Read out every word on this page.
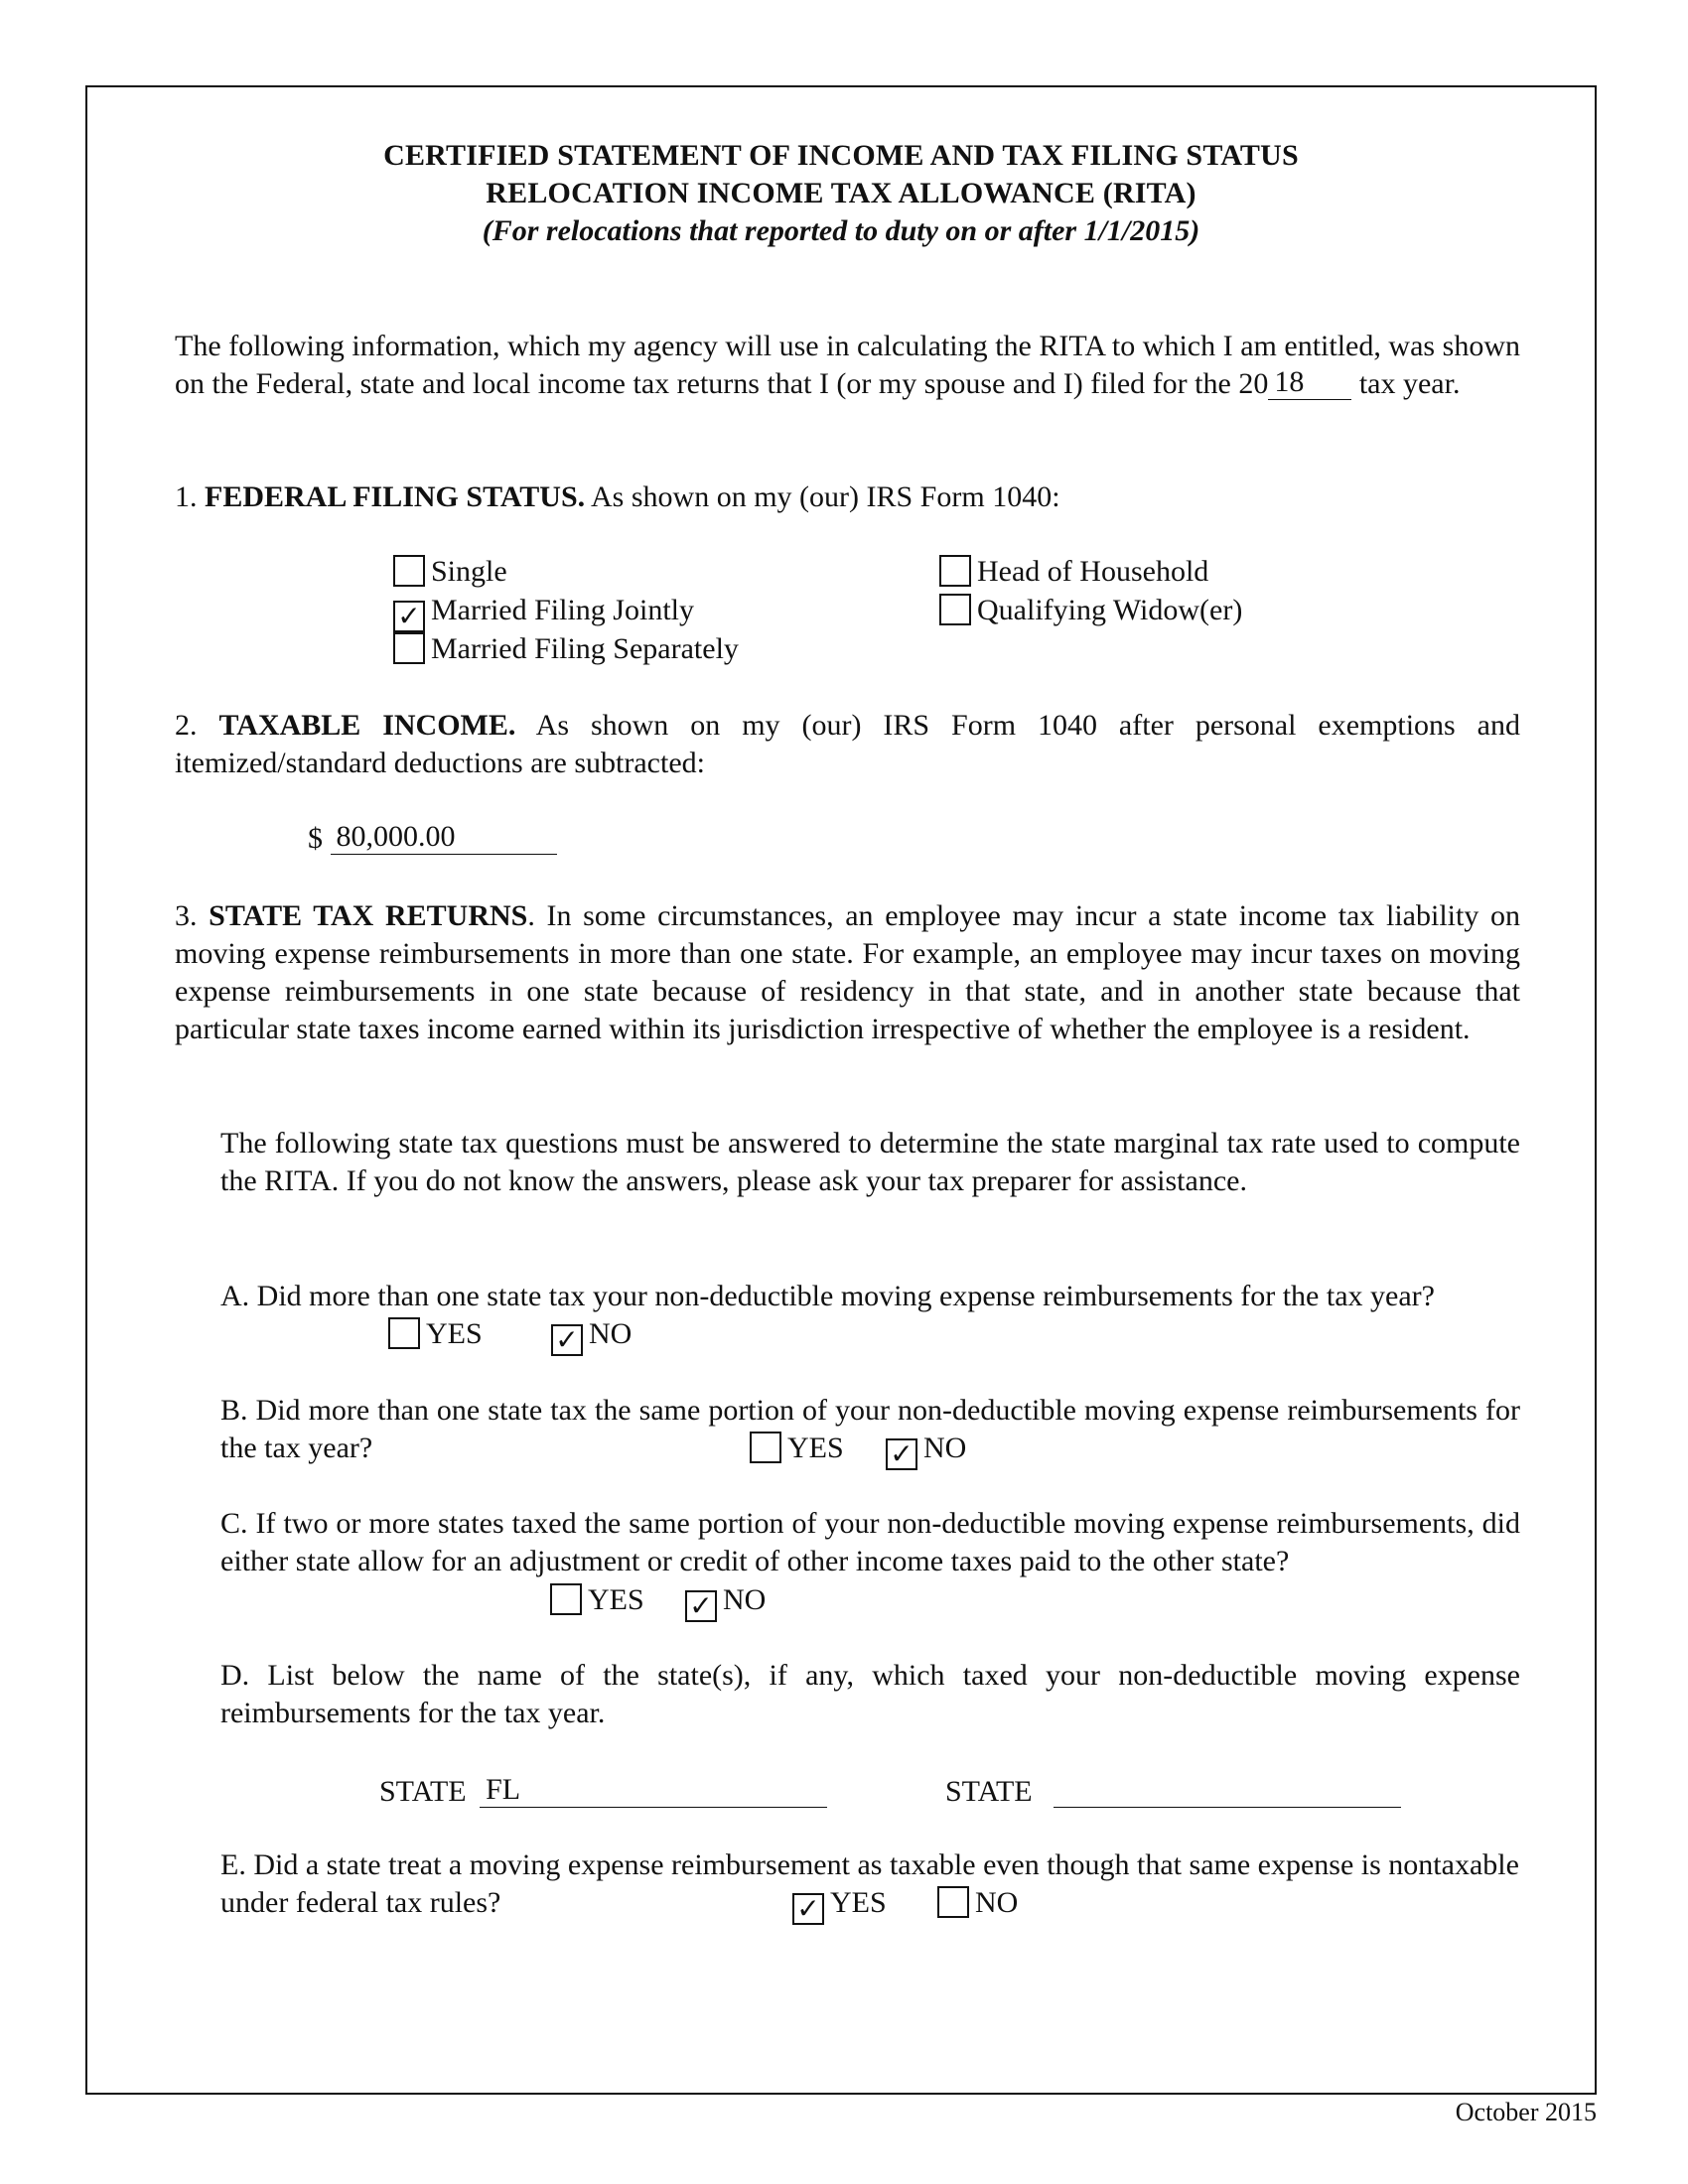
CERTIFIED STATEMENT OF INCOME AND TAX FILING STATUS
RELOCATION INCOME TAX ALLOWANCE (RITA)
(For relocations that reported to duty on or after 1/1/2015)
The following information, which my agency will use in calculating the RITA to which I am entitled, was shown on the Federal, state and local income tax returns that I (or my spouse and I) filed for the 20 18 tax year.
1. FEDERAL FILING STATUS. As shown on my (our) IRS Form 1040:
Single
✓ Married Filing Jointly
Married Filing Separately
Head of Household
Qualifying Widow(er)
2. TAXABLE INCOME. As shown on my (our) IRS Form 1040 after personal exemptions and itemized/standard deductions are subtracted:
$ 80,000.00
3. STATE TAX RETURNS. In some circumstances, an employee may incur a state income tax liability on moving expense reimbursements in more than one state. For example, an employee may incur taxes on moving expense reimbursements in one state because of residency in that state, and in another state because that particular state taxes income earned within its jurisdiction irrespective of whether the employee is a resident.
The following state tax questions must be answered to determine the state marginal tax rate used to compute the RITA. If you do not know the answers, please ask your tax preparer for assistance.
A. Did more than one state tax your non-deductible moving expense reimbursements for the tax year?
YES	✓ NO
B. Did more than one state tax the same portion of your non-deductible moving expense reimbursements for the tax year?	YES ✓ NO
C. If two or more states taxed the same portion of your non-deductible moving expense reimbursements, did either state allow for an adjustment or credit of other income taxes paid to the other state?
YES ✓ NO
D. List below the name of the state(s), if any, which taxed your non-deductible moving expense reimbursements for the tax year.
STATE FL	STATE
E. Did a state treat a moving expense reimbursement as taxable even though that same expense is nontaxable under federal tax rules?	✓ YES	NO
October 2015
